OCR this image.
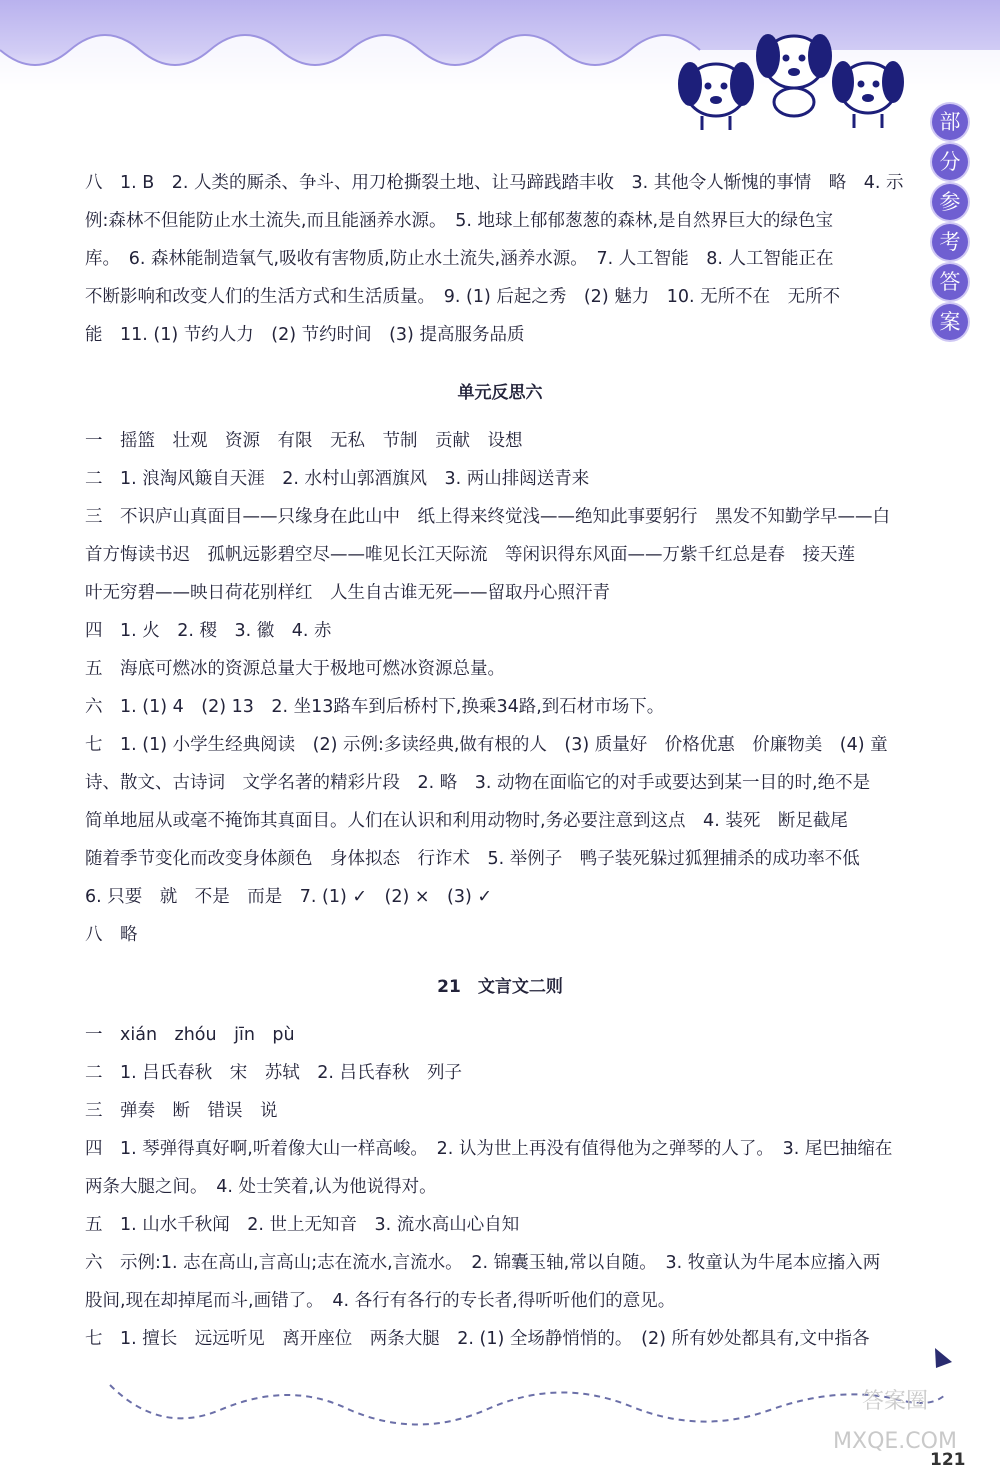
部
分
参
考
答
案
八　1. B　2. 人类的厮杀、争斗、用刀枪撕裂土地、让马蹄践踏丰收　3. 其他令人惭愧的事情　略　4. 示
例:森林不但能防止水土流失,而且能涵养水源。　5. 地球上郁郁葱葱的森林,是自然界巨大的绿色宝
库。　6. 森林能制造氧气,吸收有害物质,防止水土流失,涵养水源。　7. 人工智能　8. 人工智能正在
不断影响和改变人们的生活方式和生活质量。　9. (1) 后起之秀　(2) 魅力　10. 无所不在　无所不
能　11. (1) 节约人力　(2) 节约时间　(3) 提高服务品质
单元反思六
一　摇篮　壮观　资源　有限　无私　节制　贡献　设想
二　1. 浪淘风簸自天涯　2. 水村山郭酒旗风　3. 两山排闼送青来
三　不识庐山真面目——只缘身在此山中　纸上得来终觉浅——绝知此事要躬行　黑发不知勤学早——白
首方悔读书迟　孤帆远影碧空尽——唯见长江天际流　等闲识得东风面——万紫千红总是春　接天莲
叶无穷碧——映日荷花别样红　人生自古谁无死——留取丹心照汗青
四　1. 火　2. 稷　3. 徽　4. 赤
五　海底可燃冰的资源总量大于极地可燃冰资源总量。
六　1. (1) 4　(2) 13　2. 坐13路车到后桥村下,换乘34路,到石材市场下。
七　1. (1) 小学生经典阅读　(2) 示例:多读经典,做有根的人　(3) 质量好　价格优惠　价廉物美　(4) 童
诗、散文、古诗词　文学名著的精彩片段　2. 略　3. 动物在面临它的对手或要达到某一目的时,绝不是
简单地屈从或毫不掩饰其真面目。人们在认识和利用动物时,务必要注意到这点　4. 装死　断足截尾
随着季节变化而改变身体颜色　身体拟态　行诈术　5. 举例子　鸭子装死躲过狐狸捕杀的成功率不低
6. 只要　就　不是　而是　7. (1) ✓　(2) ×　(3) ✓
八　略
21　文言文二则
一　xián　zhóu　jīn　pù
二　1. 吕氏春秋　宋　苏轼　2. 吕氏春秋　列子
三　弹奏　断　错误　说
四　1. 琴弹得真好啊,听着像大山一样高峻。　2. 认为世上再没有值得他为之弹琴的人了。　3. 尾巴抽缩在
两条大腿之间。　4. 处士笑着,认为他说得对。
五　1. 山水千秋闻　2. 世上无知音　3. 流水高山心自知
六　示例:1. 志在高山,言高山;志在流水,言流水。　2. 锦囊玉轴,常以自随。　3. 牧童认为牛尾本应搐入两
股间,现在却掉尾而斗,画错了。　4. 各行有各行的专长者,得听听他们的意见。
七　1. 擅长　远远听见　离开座位　两条大腿　2. (1) 全场静悄悄的。　(2) 所有妙处都具有,文中指各
答案圈
MXQE.COM
121
